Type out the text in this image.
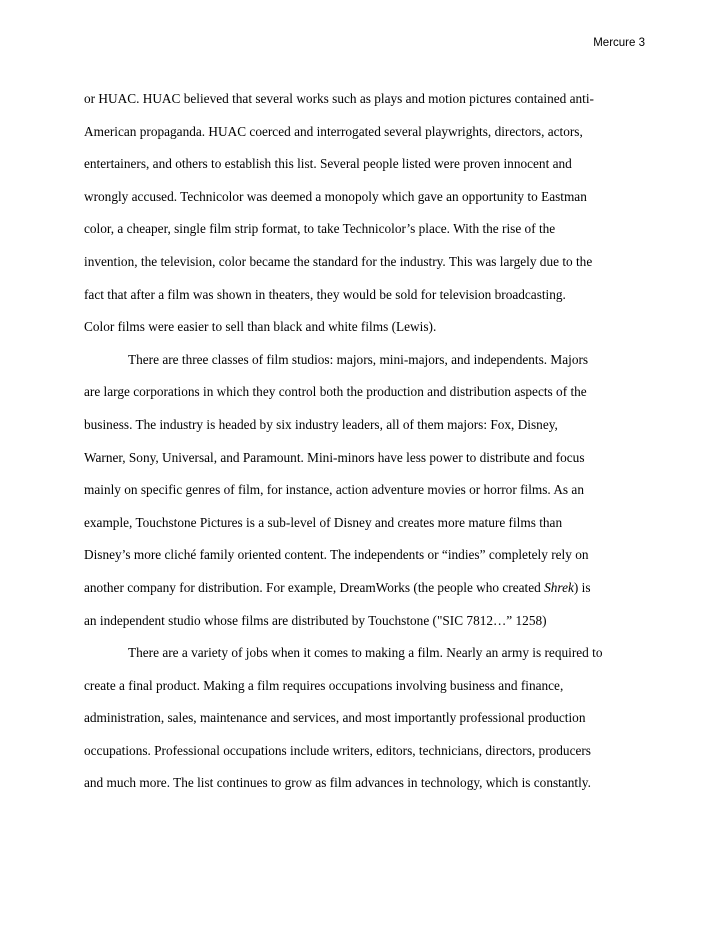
Mercure 3
or HUAC. HUAC believed that several works such as plays and motion pictures contained anti-
American propaganda. HUAC coerced and interrogated several playwrights, directors, actors,
entertainers, and others to establish this list. Several people listed were proven innocent and
wrongly accused. Technicolor was deemed a monopoly which gave an opportunity to Eastman
color, a cheaper, single film strip format, to take Technicolor’s place. With the rise of the
invention, the television, color became the standard for the industry. This was largely due to the
fact that after a film was shown in theaters, they would be sold for television broadcasting.
Color films were easier to sell than black and white films (Lewis).
There are three classes of film studios: majors, mini-majors, and independents. Majors
are large corporations in which they control both the production and distribution aspects of the
business. The industry is headed by six industry leaders, all of them majors: Fox, Disney,
Warner, Sony, Universal, and Paramount. Mini-minors have less power to distribute and focus
mainly on specific genres of film, for instance, action adventure movies or horror films. As an
example, Touchstone Pictures is a sub-level of Disney and creates more mature films than
Disney’s more cliché family oriented content. The independents or “indies” completely rely on
another company for distribution. For example, DreamWorks (the people who created Shrek) is
an independent studio whose films are distributed by Touchstone ("SIC 7812…” 1258)
There are a variety of jobs when it comes to making a film. Nearly an army is required to
create a final product. Making a film requires occupations involving business and finance,
administration, sales, maintenance and services, and most importantly professional production
occupations. Professional occupations include writers, editors, technicians, directors, producers
and much more. The list continues to grow as film advances in technology, which is constantly.
